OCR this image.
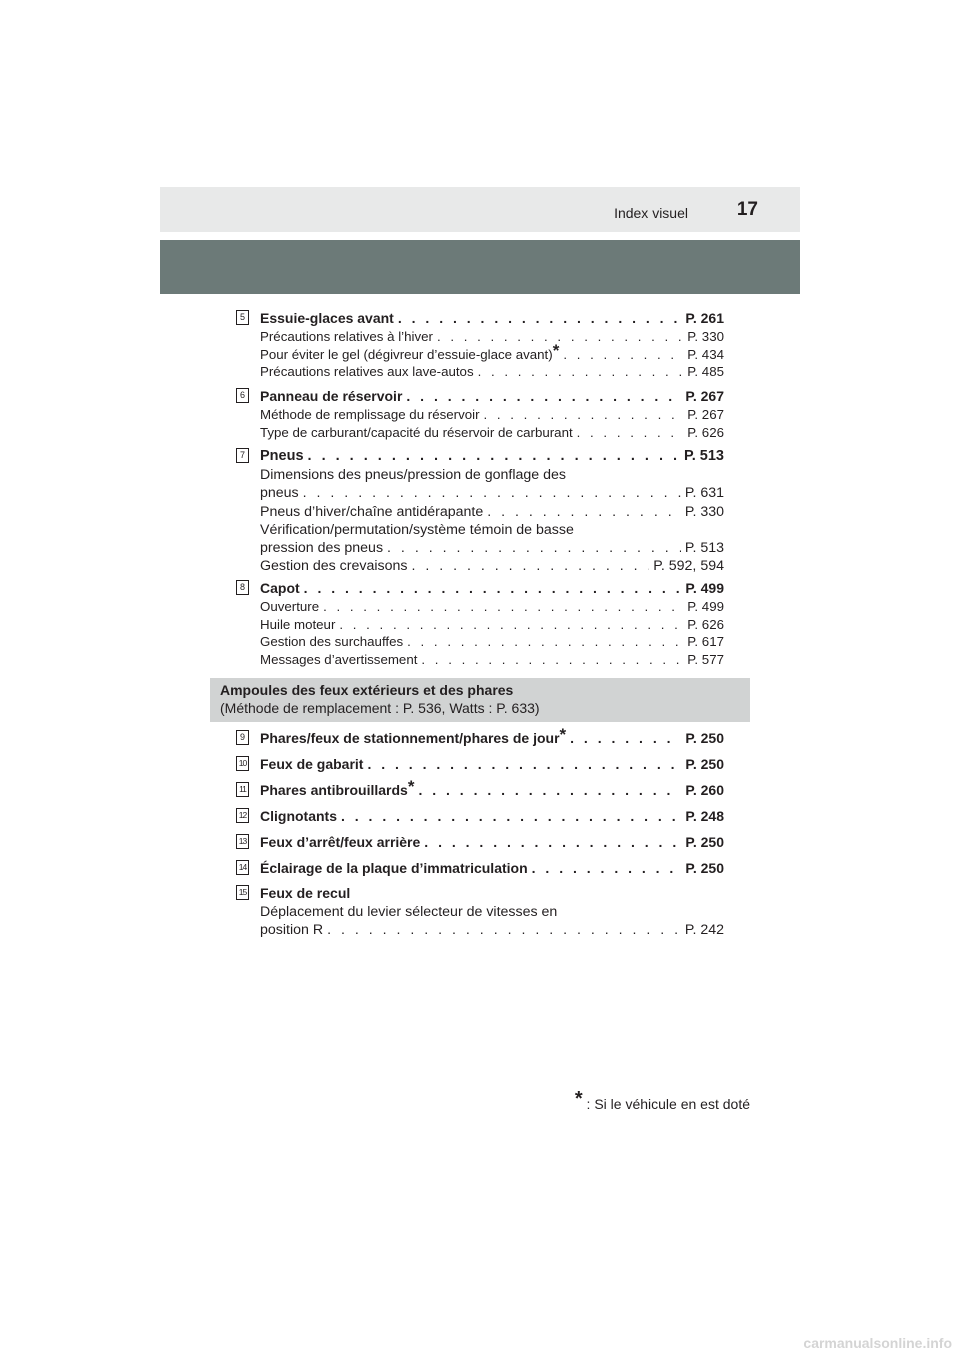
Index visuel	17
5 Essuie-glaces avant . . .	P. 261
Précautions relatives à l’hiver . . .	P. 330
Pour éviter le gel (dégivreur d’essuie-glace avant)* . . .	P. 434
Précautions relatives aux lave-autos . . .	P. 485
6 Panneau de réservoir . . .	P. 267
Méthode de remplissage du réservoir . . .	P. 267
Type de carburant/capacité du réservoir de carburant . . .	P. 626
7 Pneus . . .	P. 513
Dimensions des pneus/pression de gonflage des
pneus . . .	P. 631
Pneus d’hiver/chaîne antidérapante . . .	P. 330
Vérification/permutation/système témoin de basse
pression des pneus . . .	P. 513
Gestion des crevaisons . . .	P. 592, 594
8 Capot . . .	P. 499
Ouverture . . .	P. 499
Huile moteur . . .	P. 626
Gestion des surchauffes . . .	P. 617
Messages d’avertissement . . .	P. 577
Ampoules des feux extérieurs et des phares
(Méthode de remplacement : P. 536, Watts : P. 633)
9 Phares/feux de stationnement/phares de jour* . . .	P. 250
10 Feux de gabarit . . .	P. 250
11 Phares antibrouillards* . . .	P. 260
12 Clignotants . . .	P. 248
13 Feux d’arrêt/feux arrière . . .	P. 250
14 Éclairage de la plaque d’immatriculation . . .	P. 250
15 Feux de recul
Déplacement du levier sélecteur de vitesses en
position R . . .	P. 242
* : Si le véhicule en est doté
carmanualsonline.info
